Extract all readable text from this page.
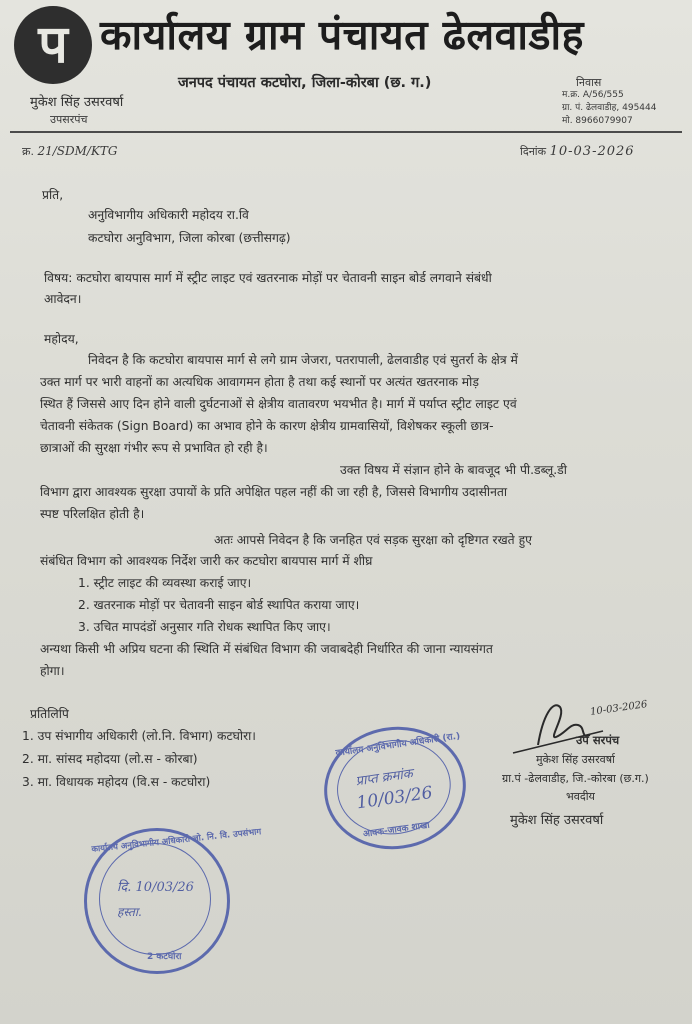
प कार्यालय ग्राम पंचायत ढेलवाडीह
जनपद पंचायत कटघोरा, जिला-कोरबा (छ. ग.)
मुकेश सिंह उसरवर्षा
उपसरपंच
निवास
म.क्र. A/56/555
ग्रा. पं. ढेलवाडीह, 495444
मो. 8966079907
क्र. 21/SDM/KTG	दिनांक 10-03-2026
प्रति,
अनुविभागीय अधिकारी महोदय रा.वि
कटघोरा अनुविभाग, जिला कोरबा (छत्तीसगढ़)
विषय: कटघोरा बायपास मार्ग में स्ट्रीट लाइट एवं खतरनाक मोड़ों पर चेतावनी साइन बोर्ड लगवाने संबंधी
आवेदन।
महोदय,
निवेदन है कि कटघोरा बायपास मार्ग से लगे ग्राम जेजरा, पतरापाली, ढेलवाडीह एवं सुतर्रा के क्षेत्र में
उक्त मार्ग पर भारी वाहनों का अत्यधिक आवागमन होता है तथा कई स्थानों पर अत्यंत खतरनाक मोड़
स्थित हैं जिससे आए दिन होने वाली दुर्घटनाओं से क्षेत्रीय वातावरण भयभीत है। मार्ग में पर्याप्त स्ट्रीट लाइट एवं
चेतावनी संकेतक (Sign Board) का अभाव होने के कारण क्षेत्रीय ग्रामवासियों, विशेषकर स्कूली छात्र-
छात्राओं की सुरक्षा गंभीर रूप से प्रभावित हो रही है।
उक्त विषय में संज्ञान होने के बावजूद भी पी.डब्लू.डी
विभाग द्वारा आवश्यक सुरक्षा उपायों के प्रति अपेक्षित पहल नहीं की जा रही है, जिससे विभागीय उदासीनता
स्पष्ट परिलक्षित होती है।
अतः आपसे निवेदन है कि जनहित एवं सड़क सुरक्षा को दृष्टिगत रखते हुए
संबंधित विभाग को आवश्यक निर्देश जारी कर कटघोरा बायपास मार्ग में शीघ्र
1. स्ट्रीट लाइट की व्यवस्था कराई जाए।
2. खतरनाक मोड़ों पर चेतावनी साइन बोर्ड स्थापित कराया जाए।
3. उचित मापदंडों अनुसार गति रोधक स्थापित किए जाए।
अन्यथा किसी भी अप्रिय घटना की स्थिति में संबंधित विभाग की जवाबदेही निर्धारित की जाना न्यायसंगत
होगा।
प्रतिलिपि
1. उप संभागीय अधिकारी (लो.नि. विभाग) कटघोरा।
2. मा. सांसद महोदया (लो.स - कोरबा)
3. मा. विधायक महोदय (वि.स - कटघोरा)
10-03-2026
उप सरपंच
मुकेश सिंह उसरवर्षा
ग्रा.पं -ढेलवाडीह, जि.-कोरबा (छ.ग.)
भवदीय
मुकेश सिंह उसरवर्षा
कार्यालय अनुविभागीय अधिकारी (रा.)
प्राप्त क्रमांक
10/03/26
आवक-जावक शाखा
कार्यालय अनुविभागीय अधिकारी लो. नि. वि. उपसंभाग
दि. 10/03/26
हस्ता.
2 कटघोरा
